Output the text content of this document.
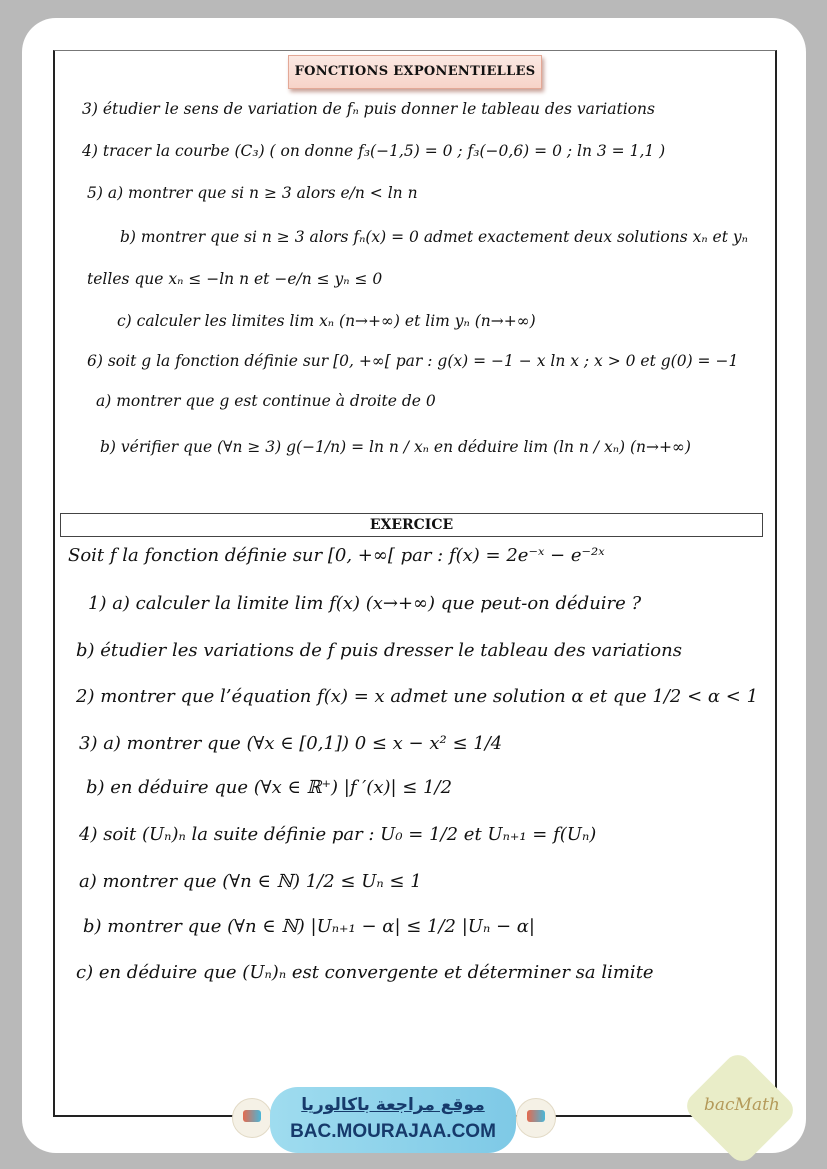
FONCTIONS EXPONENTIELLES
3) étudier le sens de variation de fₙ puis donner le tableau des variations
4) tracer la courbe (C₃) ( on donne f₃(−1,5) = 0 ; f₃(−0,6) = 0 ; ln 3 = 1,1 )
5) a) montrer que si n ≥ 3 alors e/n < ln n
b) montrer que si n ≥ 3 alors fₙ(x) = 0 admet exactement deux solutions xₙ et yₙ
telles que xₙ ≤ −ln n et −e/n ≤ yₙ ≤ 0
c) calculer les limites lim xₙ (n→+∞) et lim yₙ (n→+∞)
6) soit g la fonction définie sur [0, +∞[ par : g(x) = −1 − x ln x ; x > 0 et g(0) = −1
a) montrer que g est continue à droite de 0
b) vérifier que (∀n ≥ 3) g(−1/n) = ln n / xₙ en déduire lim (ln n / xₙ) (n→+∞)
EXERCICE
Soit f la fonction définie sur [0, +∞[ par : f(x) = 2e⁻ˣ − e⁻²ˣ
1) a) calculer la limite lim f(x) (x→+∞) que peut-on déduire ?
b) étudier les variations de f puis dresser le tableau des variations
2) montrer que l’équation f(x) = x admet une solution α et que 1/2 < α < 1
3) a) montrer que (∀x ∈ [0,1]) 0 ≤ x − x² ≤ 1/4
b) en déduire que (∀x ∈ ℝ⁺) |f ′(x)| ≤ 1/2
4) soit (Uₙ)ₙ la suite définie par : U₀ = 1/2 et Uₙ₊₁ = f(Uₙ)
a) montrer que (∀n ∈ ℕ) 1/2 ≤ Uₙ ≤ 1
b) montrer que (∀n ∈ ℕ) |Uₙ₊₁ − α| ≤ 1/2 |Uₙ − α|
c) en déduire que (Uₙ)ₙ est convergente et déterminer sa limite
موقع مراجعة باكالوريا
BAC.MOURAJAA.COM
bacMath
